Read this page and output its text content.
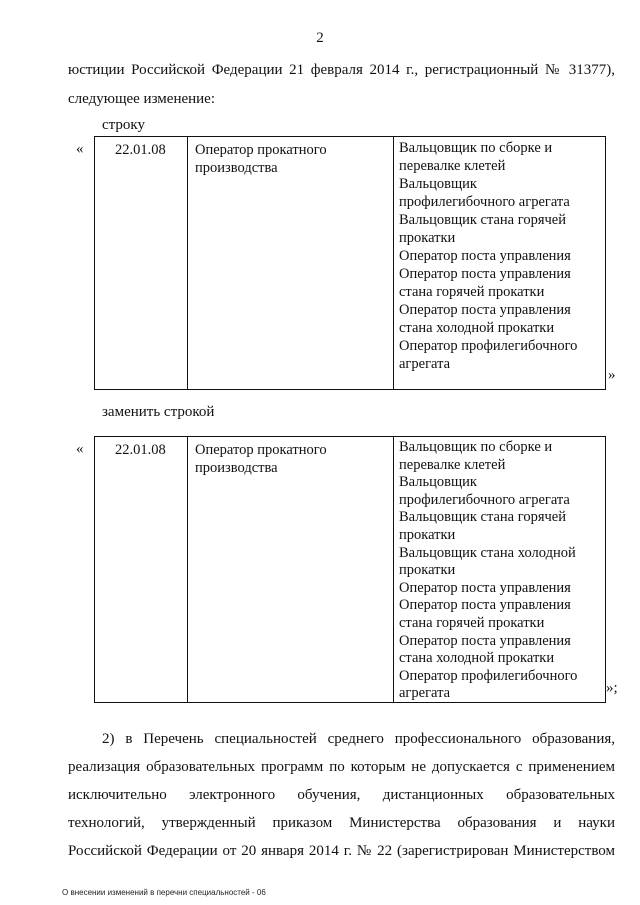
2
юстиции Российской Федерации 21 февраля 2014 г., регистрационный № 31377),
следующее изменение:
строку
« 22.01.08 Оператор прокатного
производства
Вальцовщик по сборке и
перевалке клетей
Вальцовщик
профилегибочного агрегата
Вальцовщик стана горячей
прокатки
Оператор поста управления
Оператор поста управления
стана горячей прокатки
Оператор поста управления
стана холодной прокатки
Оператор профилегибочного
агрегата
»
заменить строкой
« 22.01.08 Оператор прокатного
производства
Вальцовщик по сборке и
перевалке клетей
Вальцовщик
профилегибочного агрегата
Вальцовщик стана горячей
прокатки
Вальцовщик стана холодной
прокатки
Оператор поста управления
Оператор поста управления
стана горячей прокатки
Оператор поста управления
стана холодной прокатки
Оператор профилегибочного
агрегата	»;
2) в Перечень специальностей среднего профессионального образования,
реализация образовательных программ по которым не допускается с применением
исключительно электронного обучения, дистанционных образовательных
технологий, утвержденный приказом Министерства образования и науки
Российской Федерации от 20 января 2014 г. № 22 (зарегистрирован Министерством
О внесении изменений в перечни специальностей - 06
